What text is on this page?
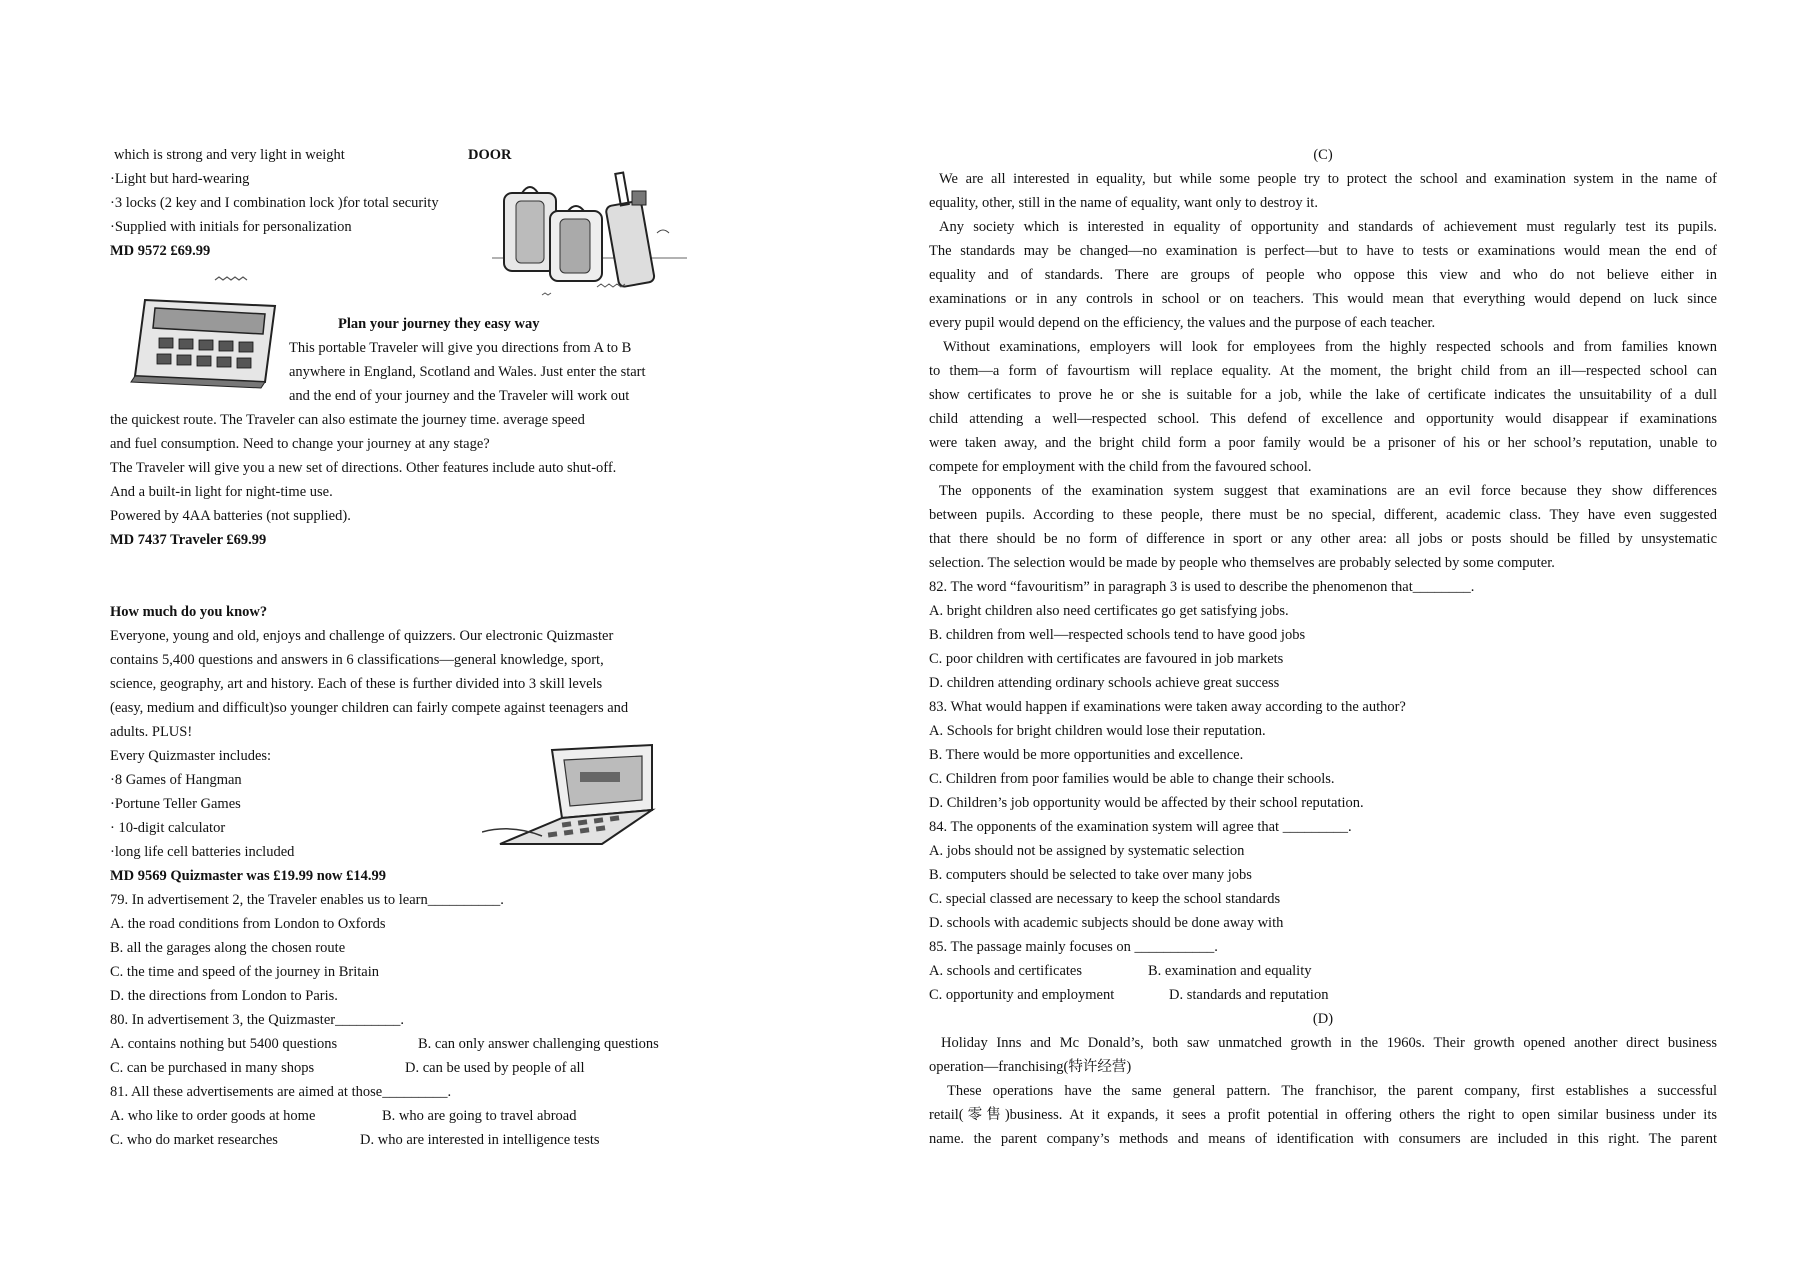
which is strong and very light in weight	DOOR
·Light but hard-wearing
·3 locks (2 key and I combination lock )for total security
·Supplied with initials for personalization
MD 9572 £69.99
Plan your journey they easy way
This portable Traveler will give you directions from A to B
anywhere in England, Scotland and Wales. Just enter the start
and the end of your journey and the Traveler will work out
the quickest route. The Traveler can also estimate the journey time. average speed
and fuel consumption. Need to change your journey at any stage?
The Traveler will give you a new set of directions. Other features include auto shut-off.
And a built-in light for night-time use.
Powered by 4AA batteries (not supplied).
MD 7437 Traveler £69.99
How much do you know?
Everyone, young and old, enjoys and challenge of quizzers. Our electronic Quizmaster
contains 5,400 questions and answers in 6 classifications—general knowledge, sport,
science, geography, art and history. Each of these is further divided into 3 skill levels
(easy, medium and difficult)so younger children can fairly compete against teenagers and
adults. PLUS!
Every Quizmaster includes:
·8 Games of Hangman
·Portune Teller Games
· 10-digit calculator
·long life cell batteries included
MD 9569 Quizmaster was £19.99 now £14.99
79. In advertisement 2, the Traveler enables us to learn__________.
A. the road conditions from London to Oxfords
B. all the garages along the chosen route
C. the time and speed of the journey in Britain
D. the directions from London to Paris.
80. In advertisement 3, the Quizmaster_________.
A. contains nothing but 5400 questions	B. can only answer challenging questions
C. can be purchased in many shops	D. can be used by people of all
81. All these advertisements are aimed at those_________.
A. who like to order goods at home	B. who are going to travel abroad
C. who do market researches	D. who are interested in intelligence tests
(C)
We are all interested in equality, but while some people try to protect the school and examination system in the name of
equality, other, still in the name of equality, want only to destroy it.
Any society which is interested in equality of opportunity and standards of achievement must regularly test its pupils.
The standards may be changed—no examination is perfect—but to have to tests or examinations would mean the end of
equality and of standards. There are groups of people who oppose this view and who do not believe either in
examinations or in any controls in school or on teachers. This would mean that everything would depend on luck since
every pupil would depend on the efficiency, the values and the purpose of each teacher.
Without examinations, employers will look for employees from the highly respected schools and from families known
to them—a form of favourtism will replace equality. At the moment, the bright child from an ill—respected school can
show certificates to prove he or she is suitable for a job, while the lake of certificate indicates the unsuitability of a dull
child attending a well—respected school. This defend of excellence and opportunity would disappear if examinations
were taken away, and the bright child form a poor family would be a prisoner of his or her school’s reputation, unable to
compete for employment with the child from the favoured school.
The opponents of the examination system suggest that examinations are an evil force because they show differences
between pupils. According to these people, there must be no special, different, academic class. They have even suggested
that there should be no form of difference in sport or any other area: all jobs or posts should be filled by unsystematic
selection. The selection would be made by people who themselves are probably selected by some computer.
82. The word “favouritism” in paragraph 3 is used to describe the phenomenon that________.
A. bright children also need certificates go get satisfying jobs.
B. children from well—respected schools tend to have good jobs
C. poor children with certificates are favoured in job markets
D. children attending ordinary schools achieve great success
83. What would happen if examinations were taken away according to the author?
A. Schools for bright children would lose their reputation.
B. There would be more opportunities and excellence.
C. Children from poor families would be able to change their schools.
D. Children’s job opportunity would be affected by their school reputation.
84. The opponents of the examination system will agree that _________.
A. jobs should not be assigned by systematic selection
B. computers should be selected to take over many jobs
C. special classed are necessary to keep the school standards
D. schools with academic subjects should be done away with
85. The passage mainly focuses on ___________.
A. schools and certificates	B. examination and equality
C. opportunity and employment	D. standards and reputation
(D)
Holiday Inns and Mc Donald’s, both saw unmatched growth in the 1960s. Their growth opened another direct business
operation—franchising(特许经营)
These operations have the same general pattern. The franchisor, the parent company, first establishes a successful
retail(零售)business. At it expands, it sees a profit potential in offering others the right to open similar business under its
name. the parent company’s methods and means of identification with consumers are included in this right. The parent
